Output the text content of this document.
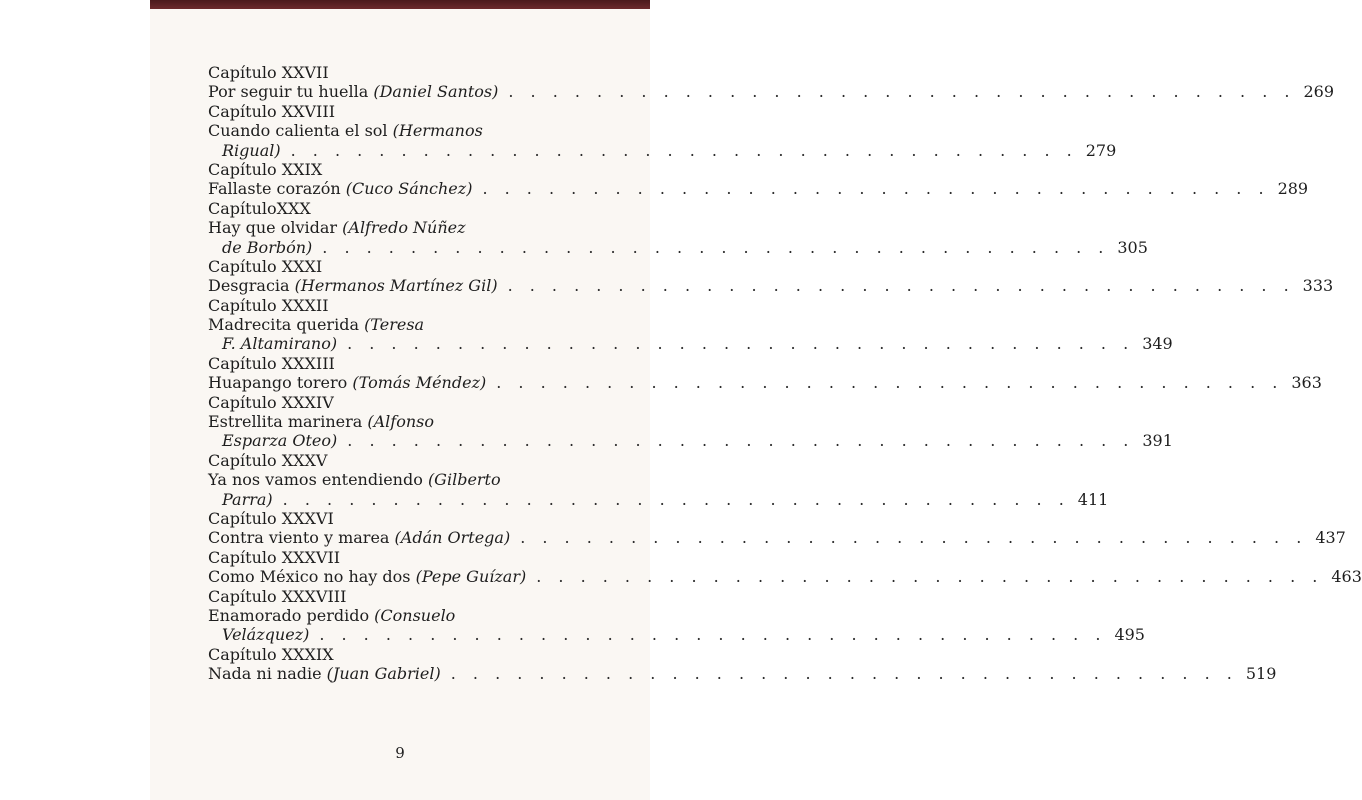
Capítulo XXVII
Por seguir tu huella (Daniel Santos) . . . . . . . . . . . . . . . . . . . . . . . . . . . . . . . . . . . . 269
Capítulo XXVIII
Cuando calienta el sol (Hermanos
Rigual) . . . . . . . . . . . . . . . . . . . . . . . . . . . . . . . . . . . . 279
Capítulo XXIX
Fallaste corazón (Cuco Sánchez) . . . . . . . . . . . . . . . . . . . . . . . . . . . . . . . . . . . . 289
CapítuloXXX
Hay que olvidar (Alfredo Núñez
de Borbón) . . . . . . . . . . . . . . . . . . . . . . . . . . . . . . . . . . . . 305
Capítulo XXXI
Desgracia (Hermanos Martínez Gil) . . . . . . . . . . . . . . . . . . . . . . . . . . . . . . . . . . . . 333
Capítulo XXXII
Madrecita querida (Teresa
F. Altamirano) . . . . . . . . . . . . . . . . . . . . . . . . . . . . . . . . . . . . 349
Capítulo XXXIII
Huapango torero (Tomás Méndez) . . . . . . . . . . . . . . . . . . . . . . . . . . . . . . . . . . . . 363
Capítulo XXXIV
Estrellita marinera (Alfonso
Esparza Oteo) . . . . . . . . . . . . . . . . . . . . . . . . . . . . . . . . . . . . 391
Capítulo XXXV
Ya nos vamos entendiendo (Gilberto
Parra) . . . . . . . . . . . . . . . . . . . . . . . . . . . . . . . . . . . . 411
Capítulo XXXVI
Contra viento y marea (Adán Ortega) . . . . . . . . . . . . . . . . . . . . . . . . . . . . . . . . . . . . 437
Capítulo XXXVII
Como México no hay dos (Pepe Guízar) . . . . . . . . . . . . . . . . . . . . . . . . . . . . . . . . . . . . 463
Capítulo XXXVIII
Enamorado perdido (Consuelo
Velázquez) . . . . . . . . . . . . . . . . . . . . . . . . . . . . . . . . . . . . 495
Capítulo XXXIX
Nada ni nadie (Juan Gabriel) . . . . . . . . . . . . . . . . . . . . . . . . . . . . . . . . . . . . 519
9
